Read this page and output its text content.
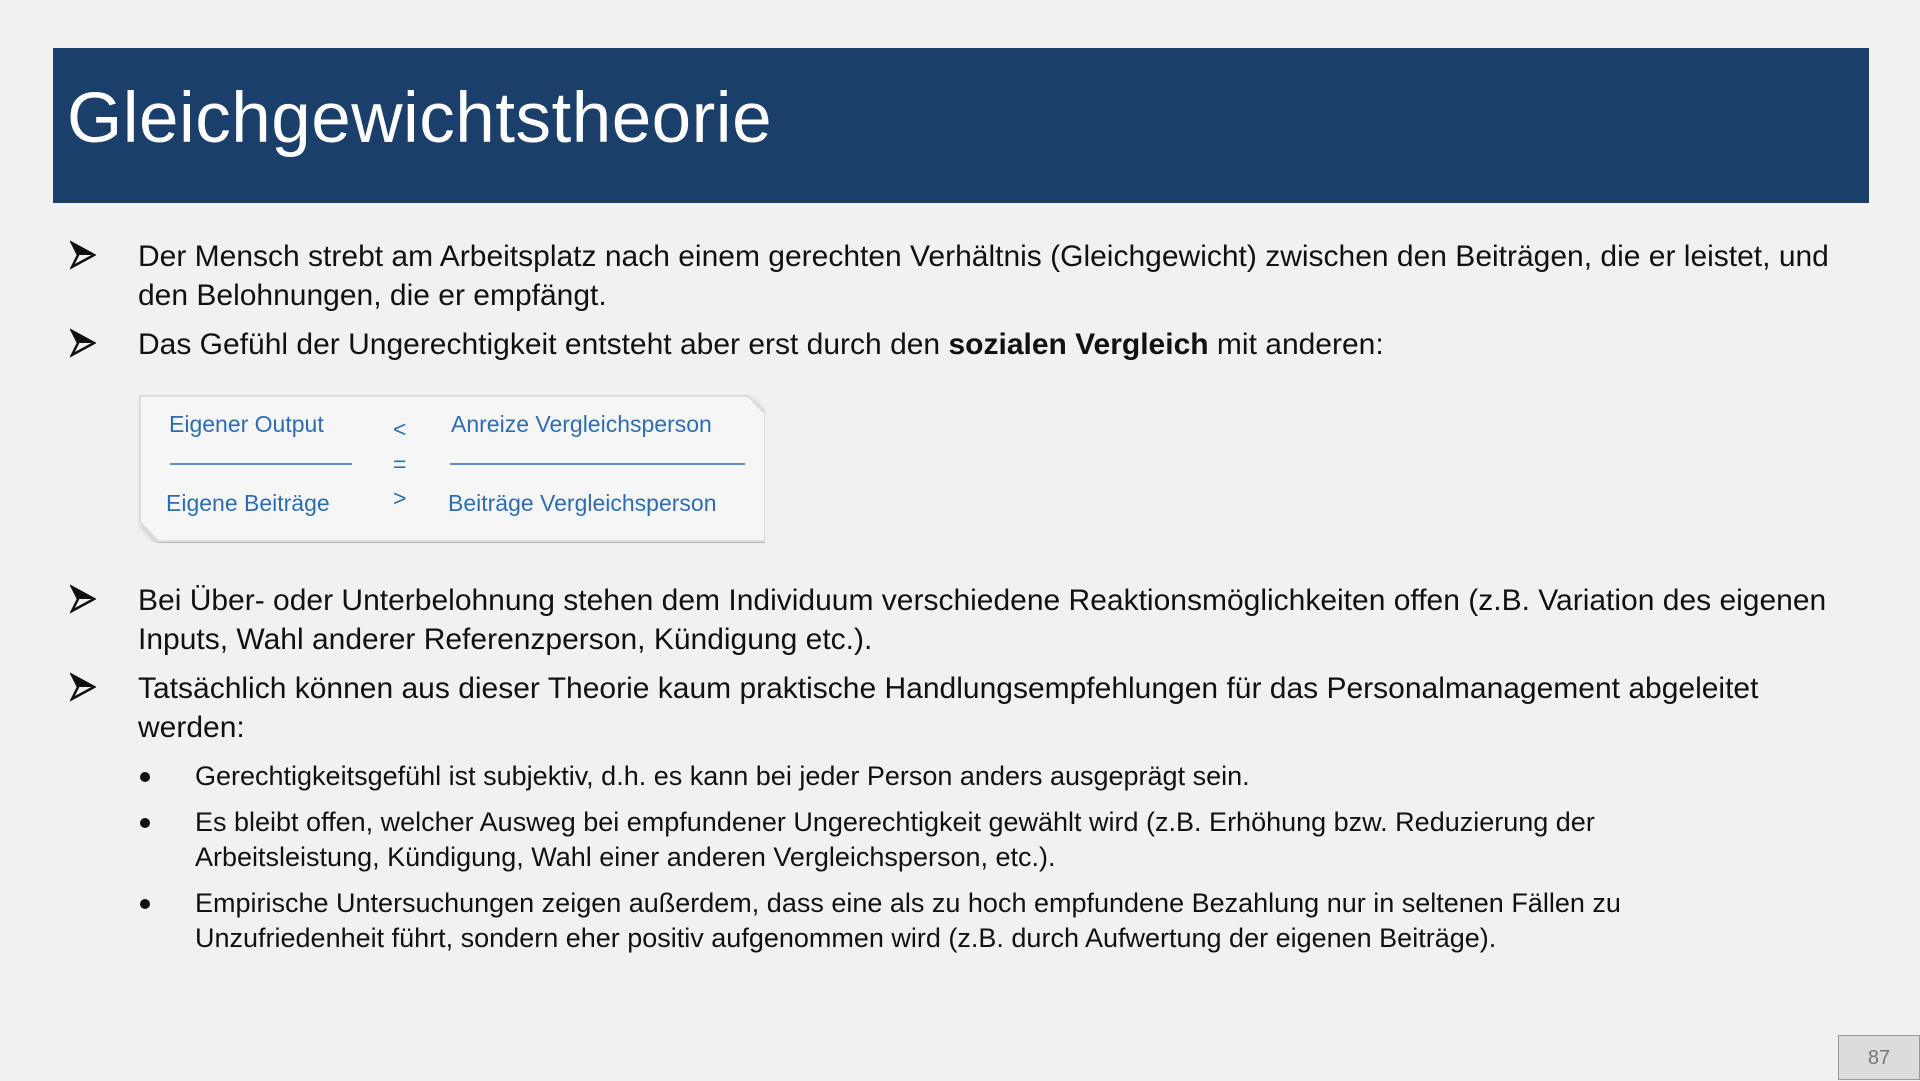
Gleichgewichtstheorie
Der Mensch strebt am Arbeitsplatz nach einem gerechten Verhältnis (Gleichgewicht) zwischen den Beiträgen, die er leistet, und den Belohnungen, die er empfängt.
Das Gefühl der Ungerechtigkeit entsteht aber erst durch den sozialen Vergleich mit anderen:
Eigener Output
Eigene Beiträge
<
=
>
Anreize Vergleichsperson
Beiträge Vergleichsperson
Bei Über- oder Unterbelohnung stehen dem Individuum verschiedene Reaktionsmöglichkeiten offen (z.B. Variation des eigenen Inputs, Wahl anderer Referenzperson, Kündigung etc.).
Tatsächlich können aus dieser Theorie kaum praktische Handlungsempfehlungen für das Personalmanagement abgeleitet werden:
Gerechtigkeitsgefühl ist subjektiv, d.h. es kann bei jeder Person anders ausgeprägt sein.
Es bleibt offen, welcher Ausweg bei empfundener Ungerechtigkeit gewählt wird (z.B. Erhöhung bzw. Reduzierung der Arbeitsleistung, Kündigung, Wahl einer anderen Vergleichsperson, etc.).
Empirische Untersuchungen zeigen außerdem, dass eine als zu hoch empfundene Bezahlung nur in seltenen Fällen zu Unzufriedenheit führt, sondern eher positiv aufgenommen wird (z.B. durch Aufwertung der eigenen Beiträge).
87
